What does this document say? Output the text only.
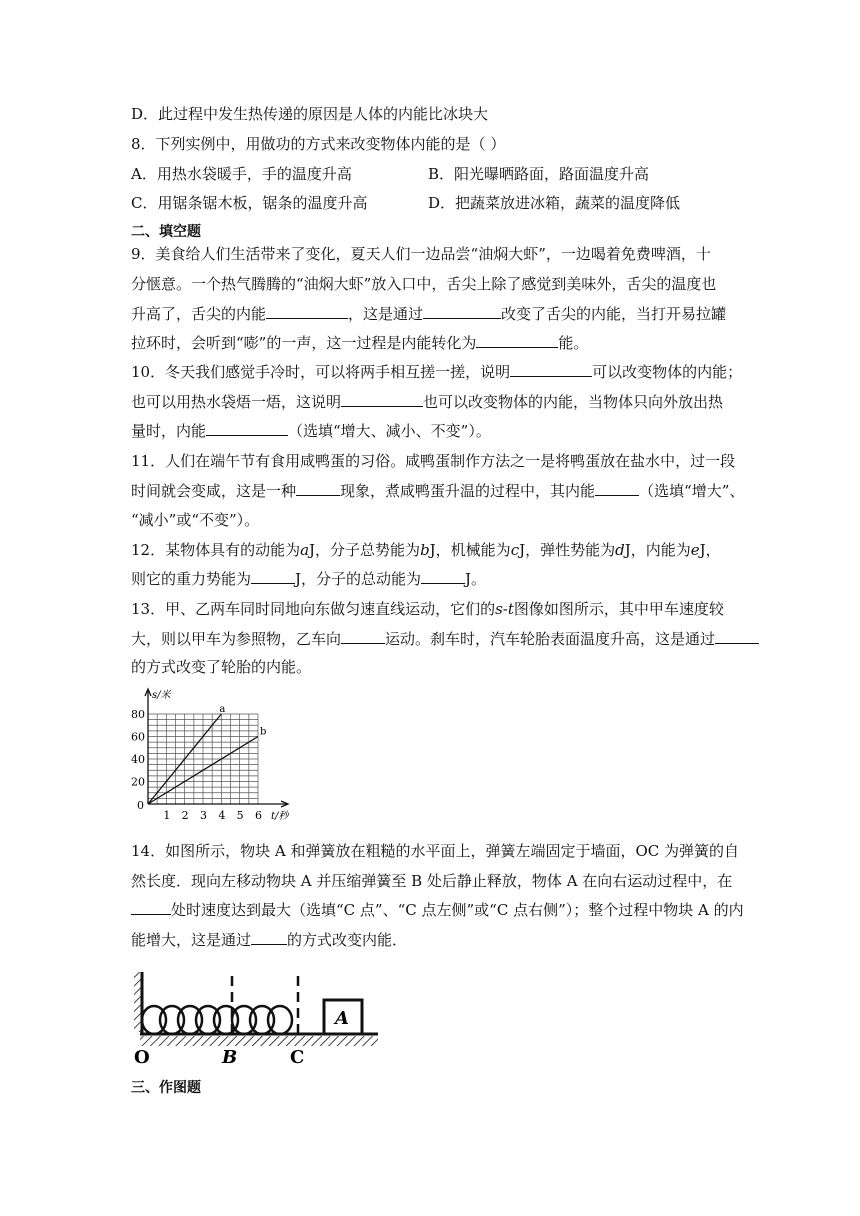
D．此过程中发生热传递的原因是人体的内能比冰块大
8．下列实例中，用做功的方式来改变物体内能的是（ ）
A．用热水袋暖手，手的温度升高	B．阳光曝晒路面，路面温度升高
C．用锯条锯木板，锯条的温度升高	D．把蔬菜放进冰箱，蔬菜的温度降低
二、填空题
9．美食给人们生活带来了变化，夏天人们一边品尝“油焖大虾”，一边喝着免费啤酒，十
分惬意。一个热气腾腾的“油焖大虾”放入口中，舌尖上除了感觉到美味外，舌尖的温度也
升高了，舌尖的内能	，这是通过	改变了舌尖的内能，当打开易拉罐
拉环时，会听到“嘭”的一声，这一过程是内能转化为	能。
10．冬天我们感觉手冷时，可以将两手相互搓一搓，说明	可以改变物体的内能；
也可以用热水袋焐一焐，这说明	也可以改变物体的内能，当物体只向外放出热
量时，内能	（选填“增大、减小、不变”）。
11．人们在端午节有食用咸鸭蛋的习俗。咸鸭蛋制作方法之一是将鸭蛋放在盐水中，过一段
时间就会变咸，这是一种	现象，煮咸鸭蛋升温的过程中，其内能	（选填“增大”、
“减小”或“不变”）。
12．某物体具有的动能为aJ，分子总势能为bJ，机械能为cJ，弹性势能为dJ，内能为eJ，
则它的重力势能为	J，分子的总动能为	J。
13．甲、乙两车同时同地向东做匀速直线运动，它们的s-t图像如图所示，其中甲车速度较
大，则以甲车为参照物，乙车向	运动。刹车时，汽车轮胎表面温度升高，这是通过
的方式改变了轮胎的内能。
a
b
1 2 3 4 5 6
80
60
40
20
0
s/米
t/秒
14．如图所示，物块 A 和弹簧放在粗糙的水平面上，弹簧左端固定于墙面，OC 为弹簧的自
然长度．现向左移动物块 A 并压缩弹簧至 B 处后静止释放，物体 A 在向右运动过程中，在
处时速度达到最大（选填“C 点”、“C 点左侧”或“C 点右侧”）；整个过程中物块 A 的内
能增大，这是通过 的方式改变内能．
A
O	B	C
三、作图题
